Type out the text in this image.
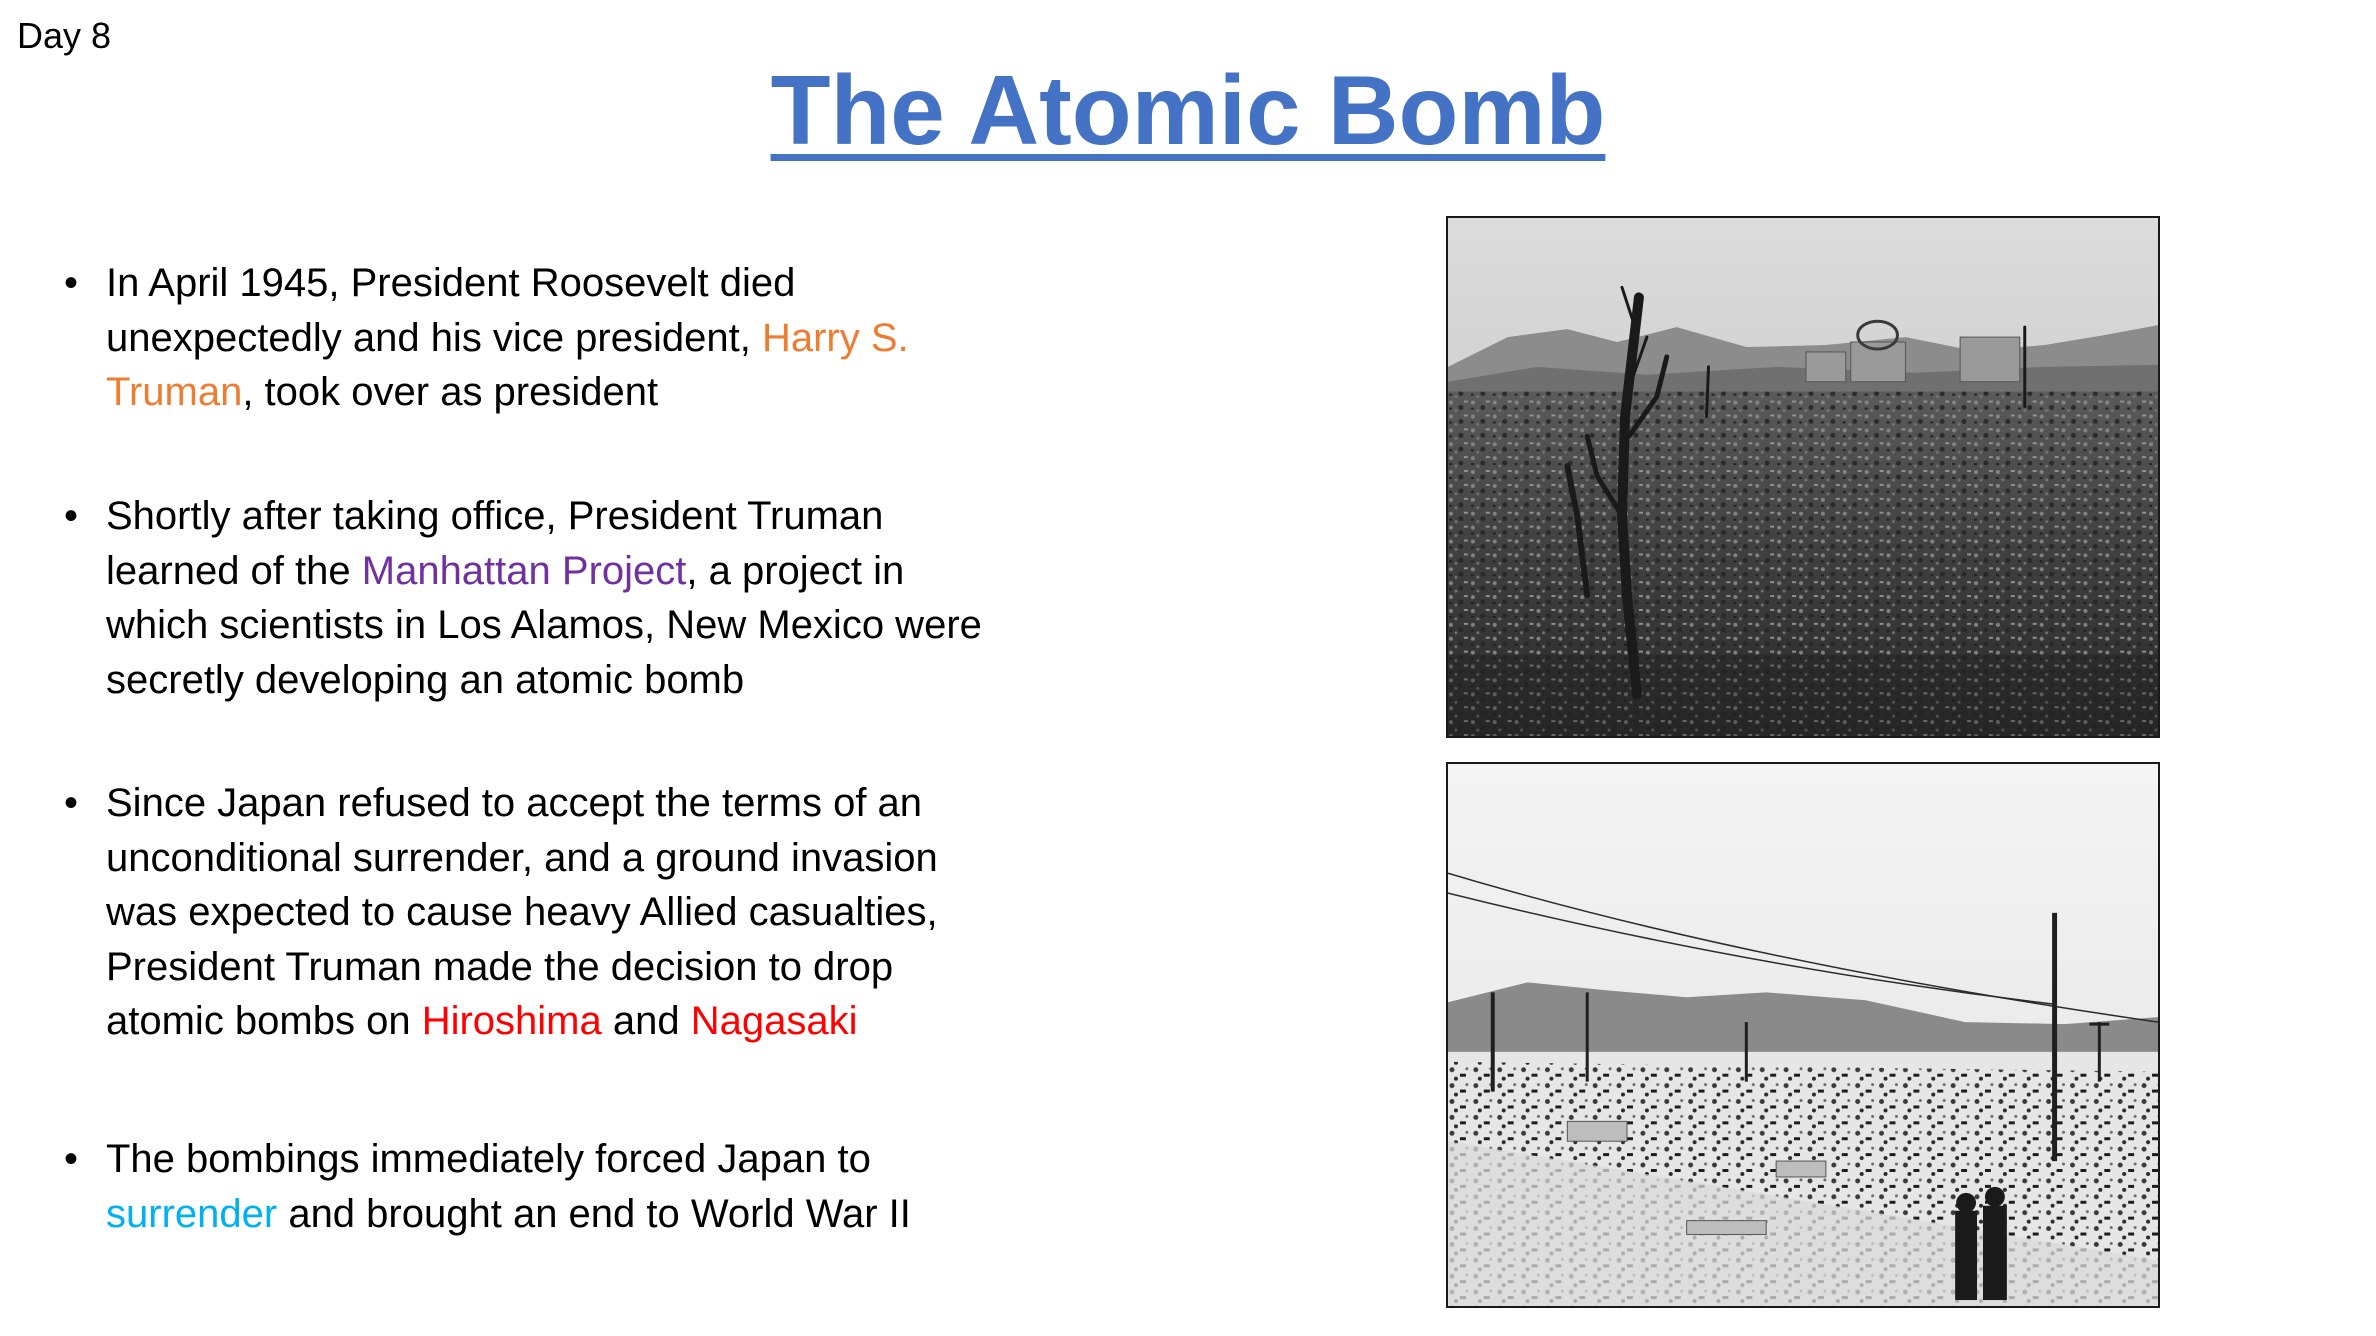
Day 8
The Atomic Bomb
• In April 1945, President Roosevelt died unexpectedly and his vice president, Harry S. Truman, took over as president
• Shortly after taking office, President Truman learned of the Manhattan Project, a project in which scientists in Los Alamos, New Mexico were secretly developing an atomic bomb
• Since Japan refused to accept the terms of an unconditional surrender, and a ground invasion was expected to cause heavy Allied casualties, President Truman made the decision to drop atomic bombs on Hiroshima and Nagasaki
• The bombings immediately forced Japan to surrender and brought an end to World War II
